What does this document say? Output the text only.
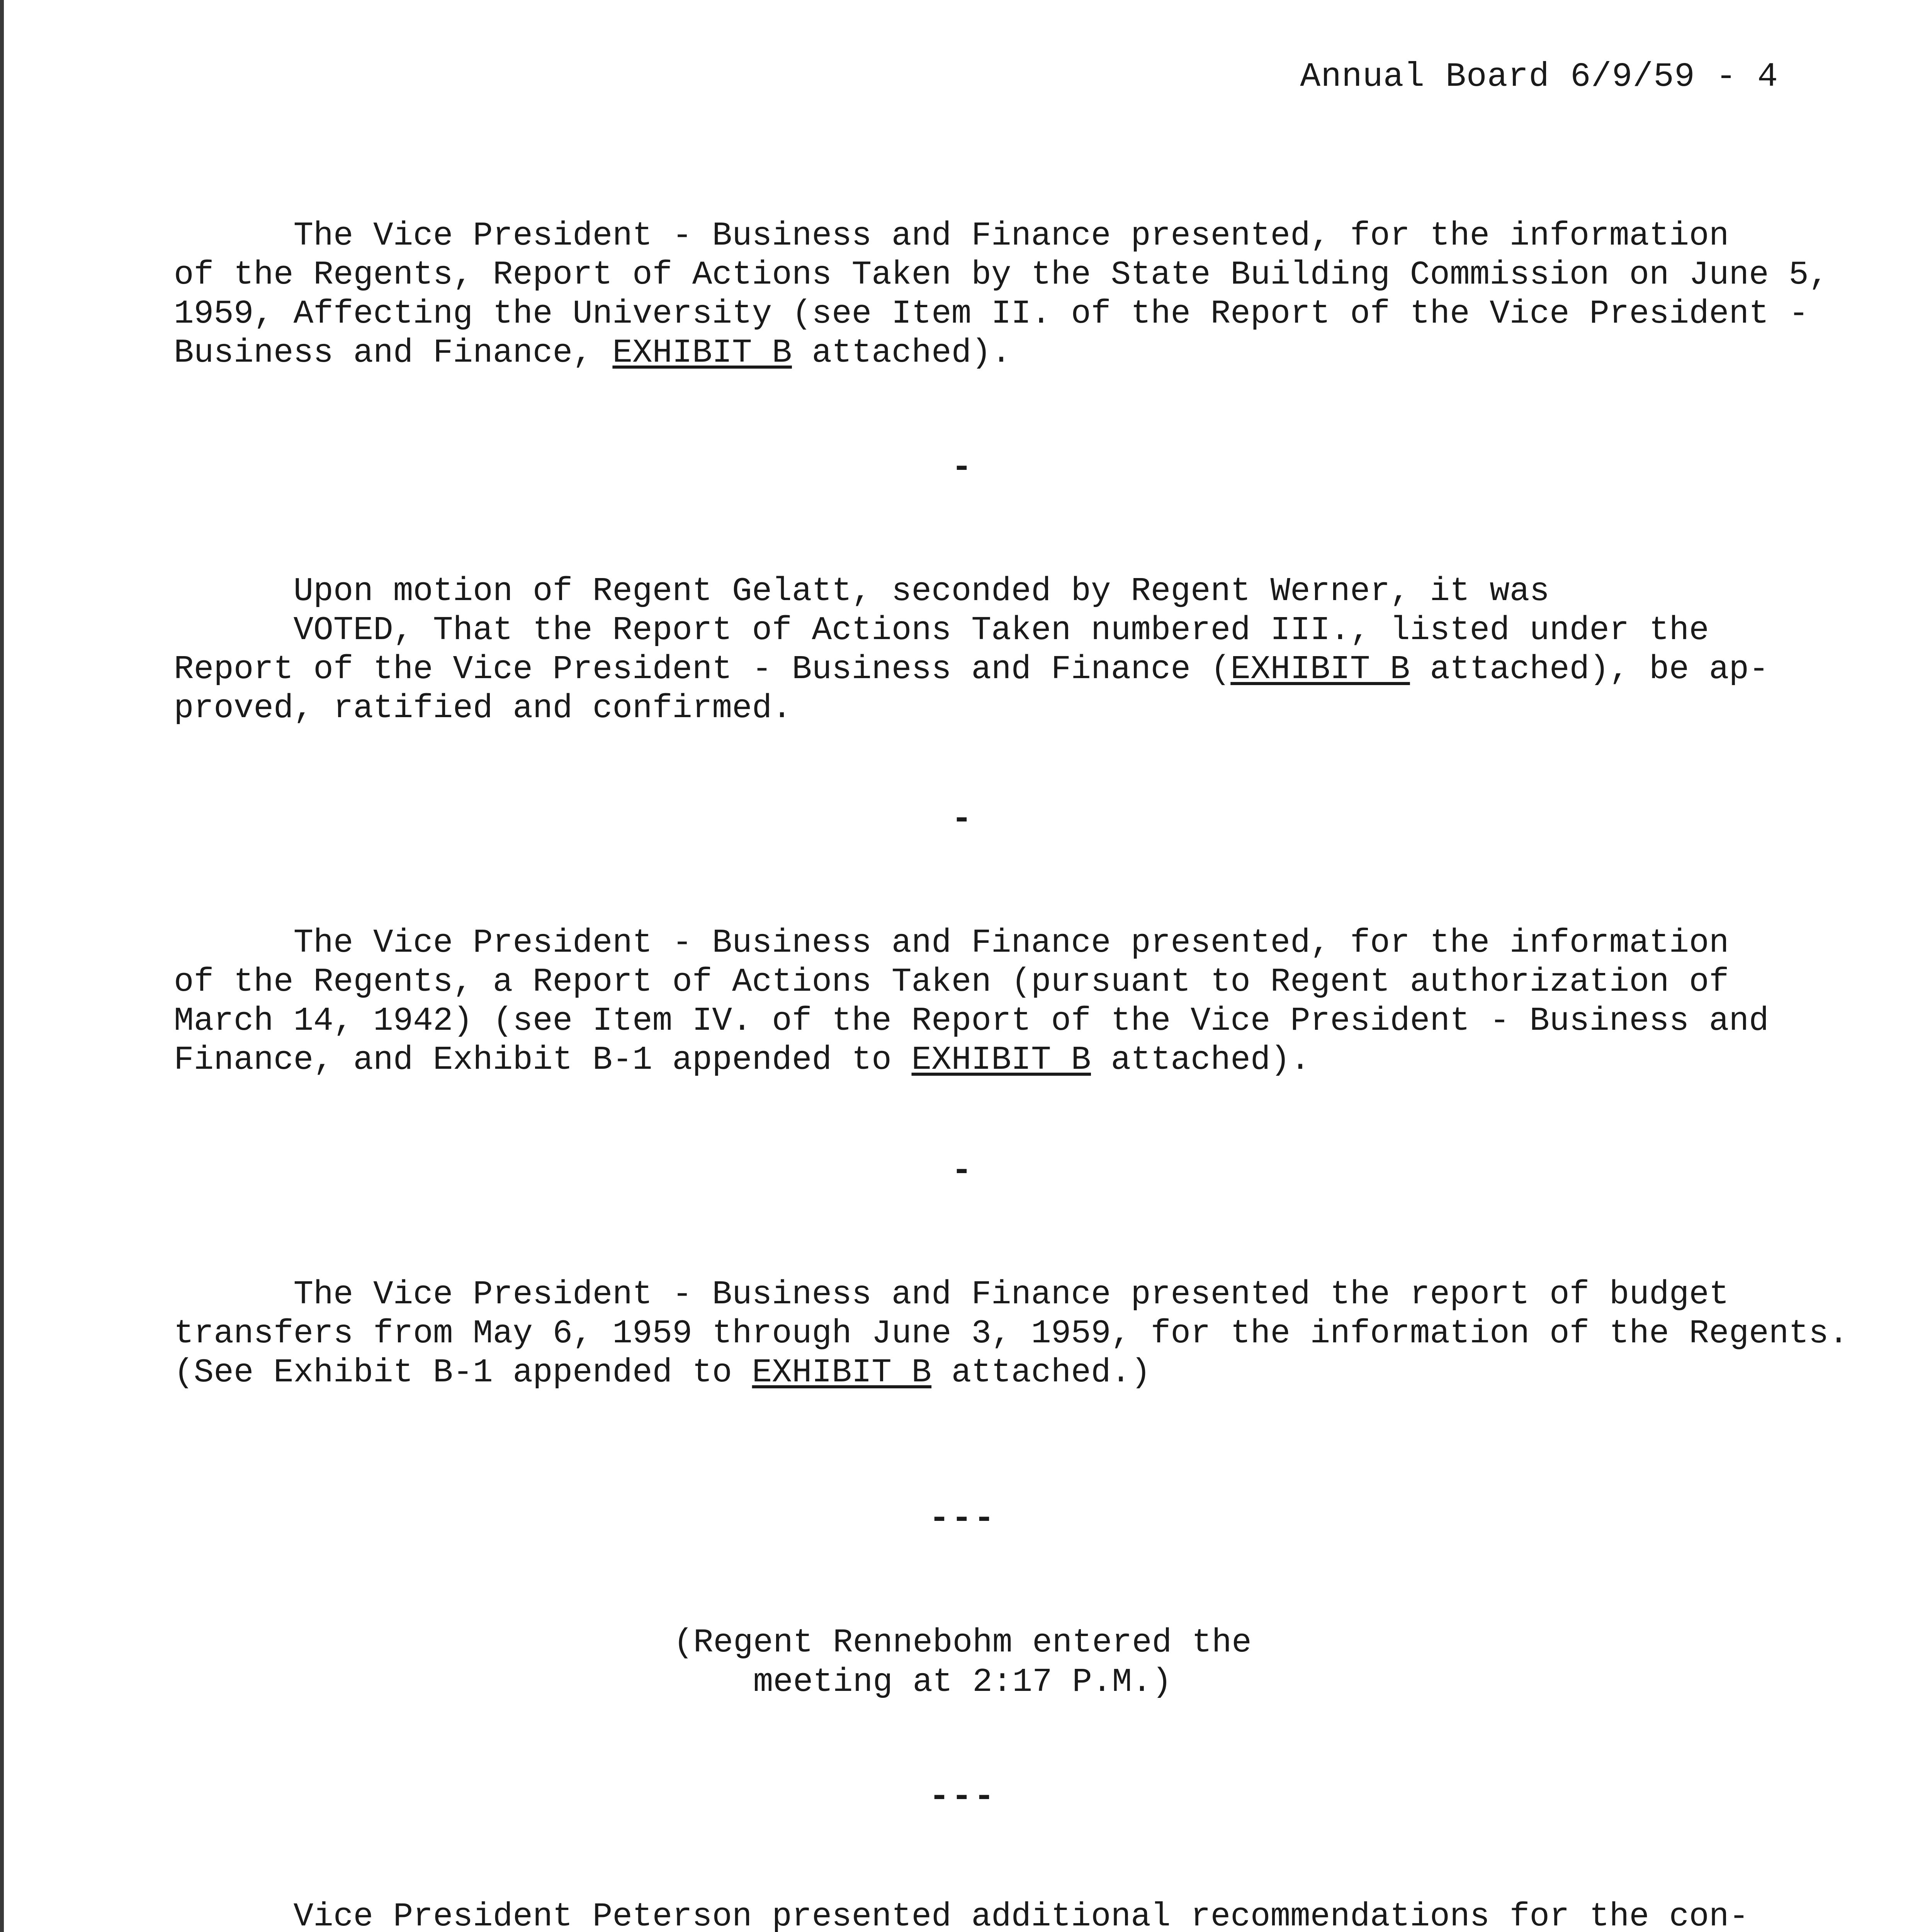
Annual Board 6/9/59 - 4
The Vice President - Business and Finance presented, for the information
of the Regents, Report of Actions Taken by the State Building Commission on June 5,
1959, Affecting the University (see Item II. of the Report of the Vice President -
Business and Finance, EXHIBIT B attached).
-
Upon motion of Regent Gelatt, seconded by Regent Werner, it was
VOTED, That the Report of Actions Taken numbered III., listed under the
Report of the Vice President - Business and Finance (EXHIBIT B attached), be ap-
proved, ratified and confirmed.
-
The Vice President - Business and Finance presented, for the information
of the Regents, a Report of Actions Taken (pursuant to Regent authorization of
March 14, 1942) (see Item IV. of the Report of the Vice President - Business and
Finance, and Exhibit B-1 appended to EXHIBIT B attached).
-
The Vice President - Business and Finance presented the report of budget
transfers from May 6, 1959 through June 3, 1959, for the information of the Regents.
(See Exhibit B-1 appended to EXHIBIT B attached.)
---
(Regent Rennebohm entered the
meeting at 2:17 P.M.)
---
Vice President Peterson presented additional recommendations for the con-
